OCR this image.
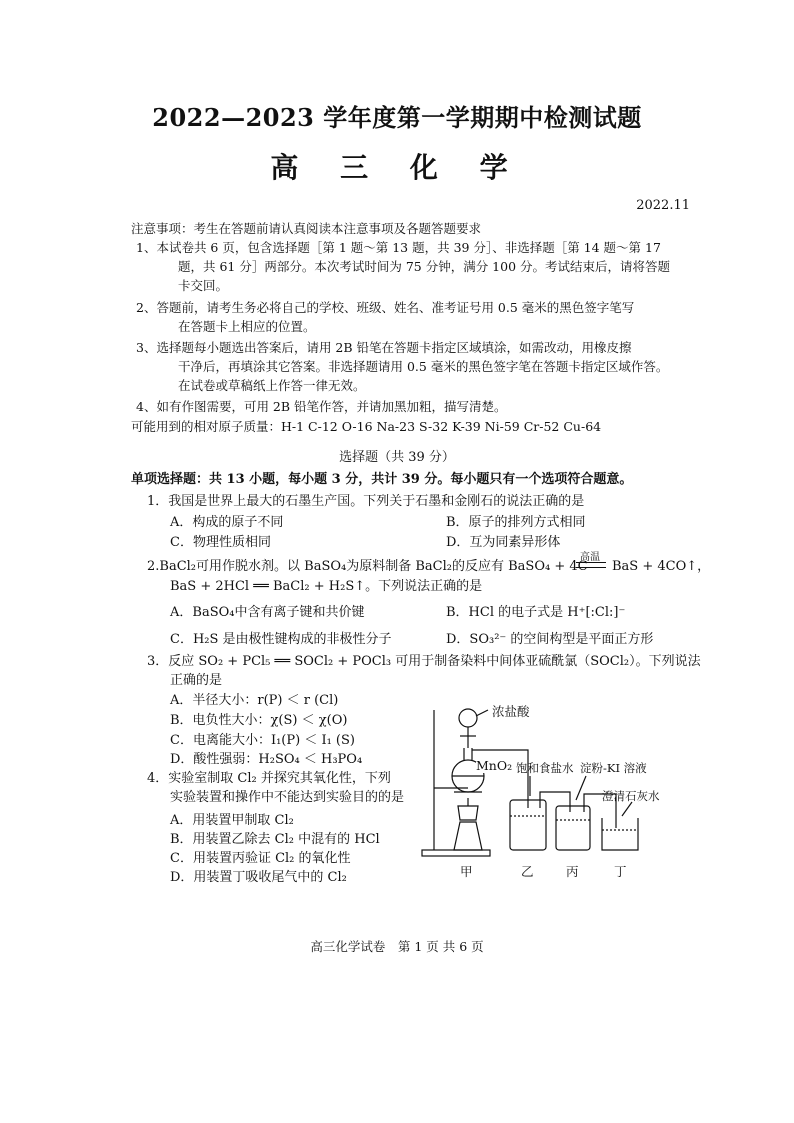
2022—2023 学年度第一学期期中检测试题
高 三 化 学
2022.11
注意事项：考生在答题前请认真阅读本注意事项及各题答题要求
1、本试卷共 6 页，包含选择题［第 1 题～第 13 题，共 39 分］、非选择题［第 14 题～第 17
题，共 61 分］两部分。本次考试时间为 75 分钟，满分 100 分。考试结束后，请将答题
卡交回。
2、答题前，请考生务必将自己的学校、班级、姓名、准考证号用 0.5 毫米的黑色签字笔写
在答题卡上相应的位置。
3、选择题每小题选出答案后，请用 2B 铅笔在答题卡指定区域填涂，如需改动，用橡皮擦
干净后，再填涂其它答案。非选择题请用 0.5 毫米的黑色签字笔在答题卡指定区域作答。
在试卷或草稿纸上作答一律无效。
4、如有作图需要，可用 2B 铅笔作答，并请加黑加粗，描写清楚。
可能用到的相对原子质量：H-1 C-12 O-16 Na-23 S-32 K-39 Ni-59 Cr-52 Cu-64
选择题（共 39 分）
单项选择题：共 13 小题，每小题 3 分，共计 39 分。每小题只有一个选项符合题意。
1．我国是世界上最大的石墨生产国。下列关于石墨和金刚石的说法正确的是
A．构成的原子不同	B．原子的排列方式相同
C．物理性质相同	D．互为同素异形体
2.BaCl₂可用作脱水剂。以 BaSO₄为原料制备 BaCl₂的反应有 BaSO₄ + 4C
高温
BaS + 4CO↑，
BaS + 2HCl ══ BaCl₂ + H₂S↑。下列说法正确的是
A．BaSO₄中含有离子键和共价键	B．HCl 的电子式是 H⁺[:Cl:]⁻
C．H₂S 是由极性键构成的非极性分子	D．SO₃²⁻ 的空间构型是平面正方形
3．反应 SO₂ + PCl₅ ══ SOCl₂ + POCl₃ 可用于制备染料中间体亚硫酰氯（SOCl₂）。下列说法
正确的是
A．半径大小：r(P) ＜ r (Cl)
B．电负性大小：χ(S) ＜ χ(O)
C．电离能大小：I₁(P) ＜ I₁ (S)
D．酸性强弱：H₂SO₄ ＜ H₃PO₄
4．实验室制取 Cl₂ 并探究其氧化性，下列
实验装置和操作中不能达到实验目的的是
A．用装置甲制取 Cl₂
B．用装置乙除去 Cl₂ 中混有的 HCl
C．用装置丙验证 Cl₂ 的氧化性
D．用装置丁吸收尾气中的 Cl₂
浓盐酸
MnO₂ 饱和食盐水 淀粉-KI 溶液
澄清石灰水
甲	乙	丙	丁
高三化学试卷　第 1 页 共 6 页
